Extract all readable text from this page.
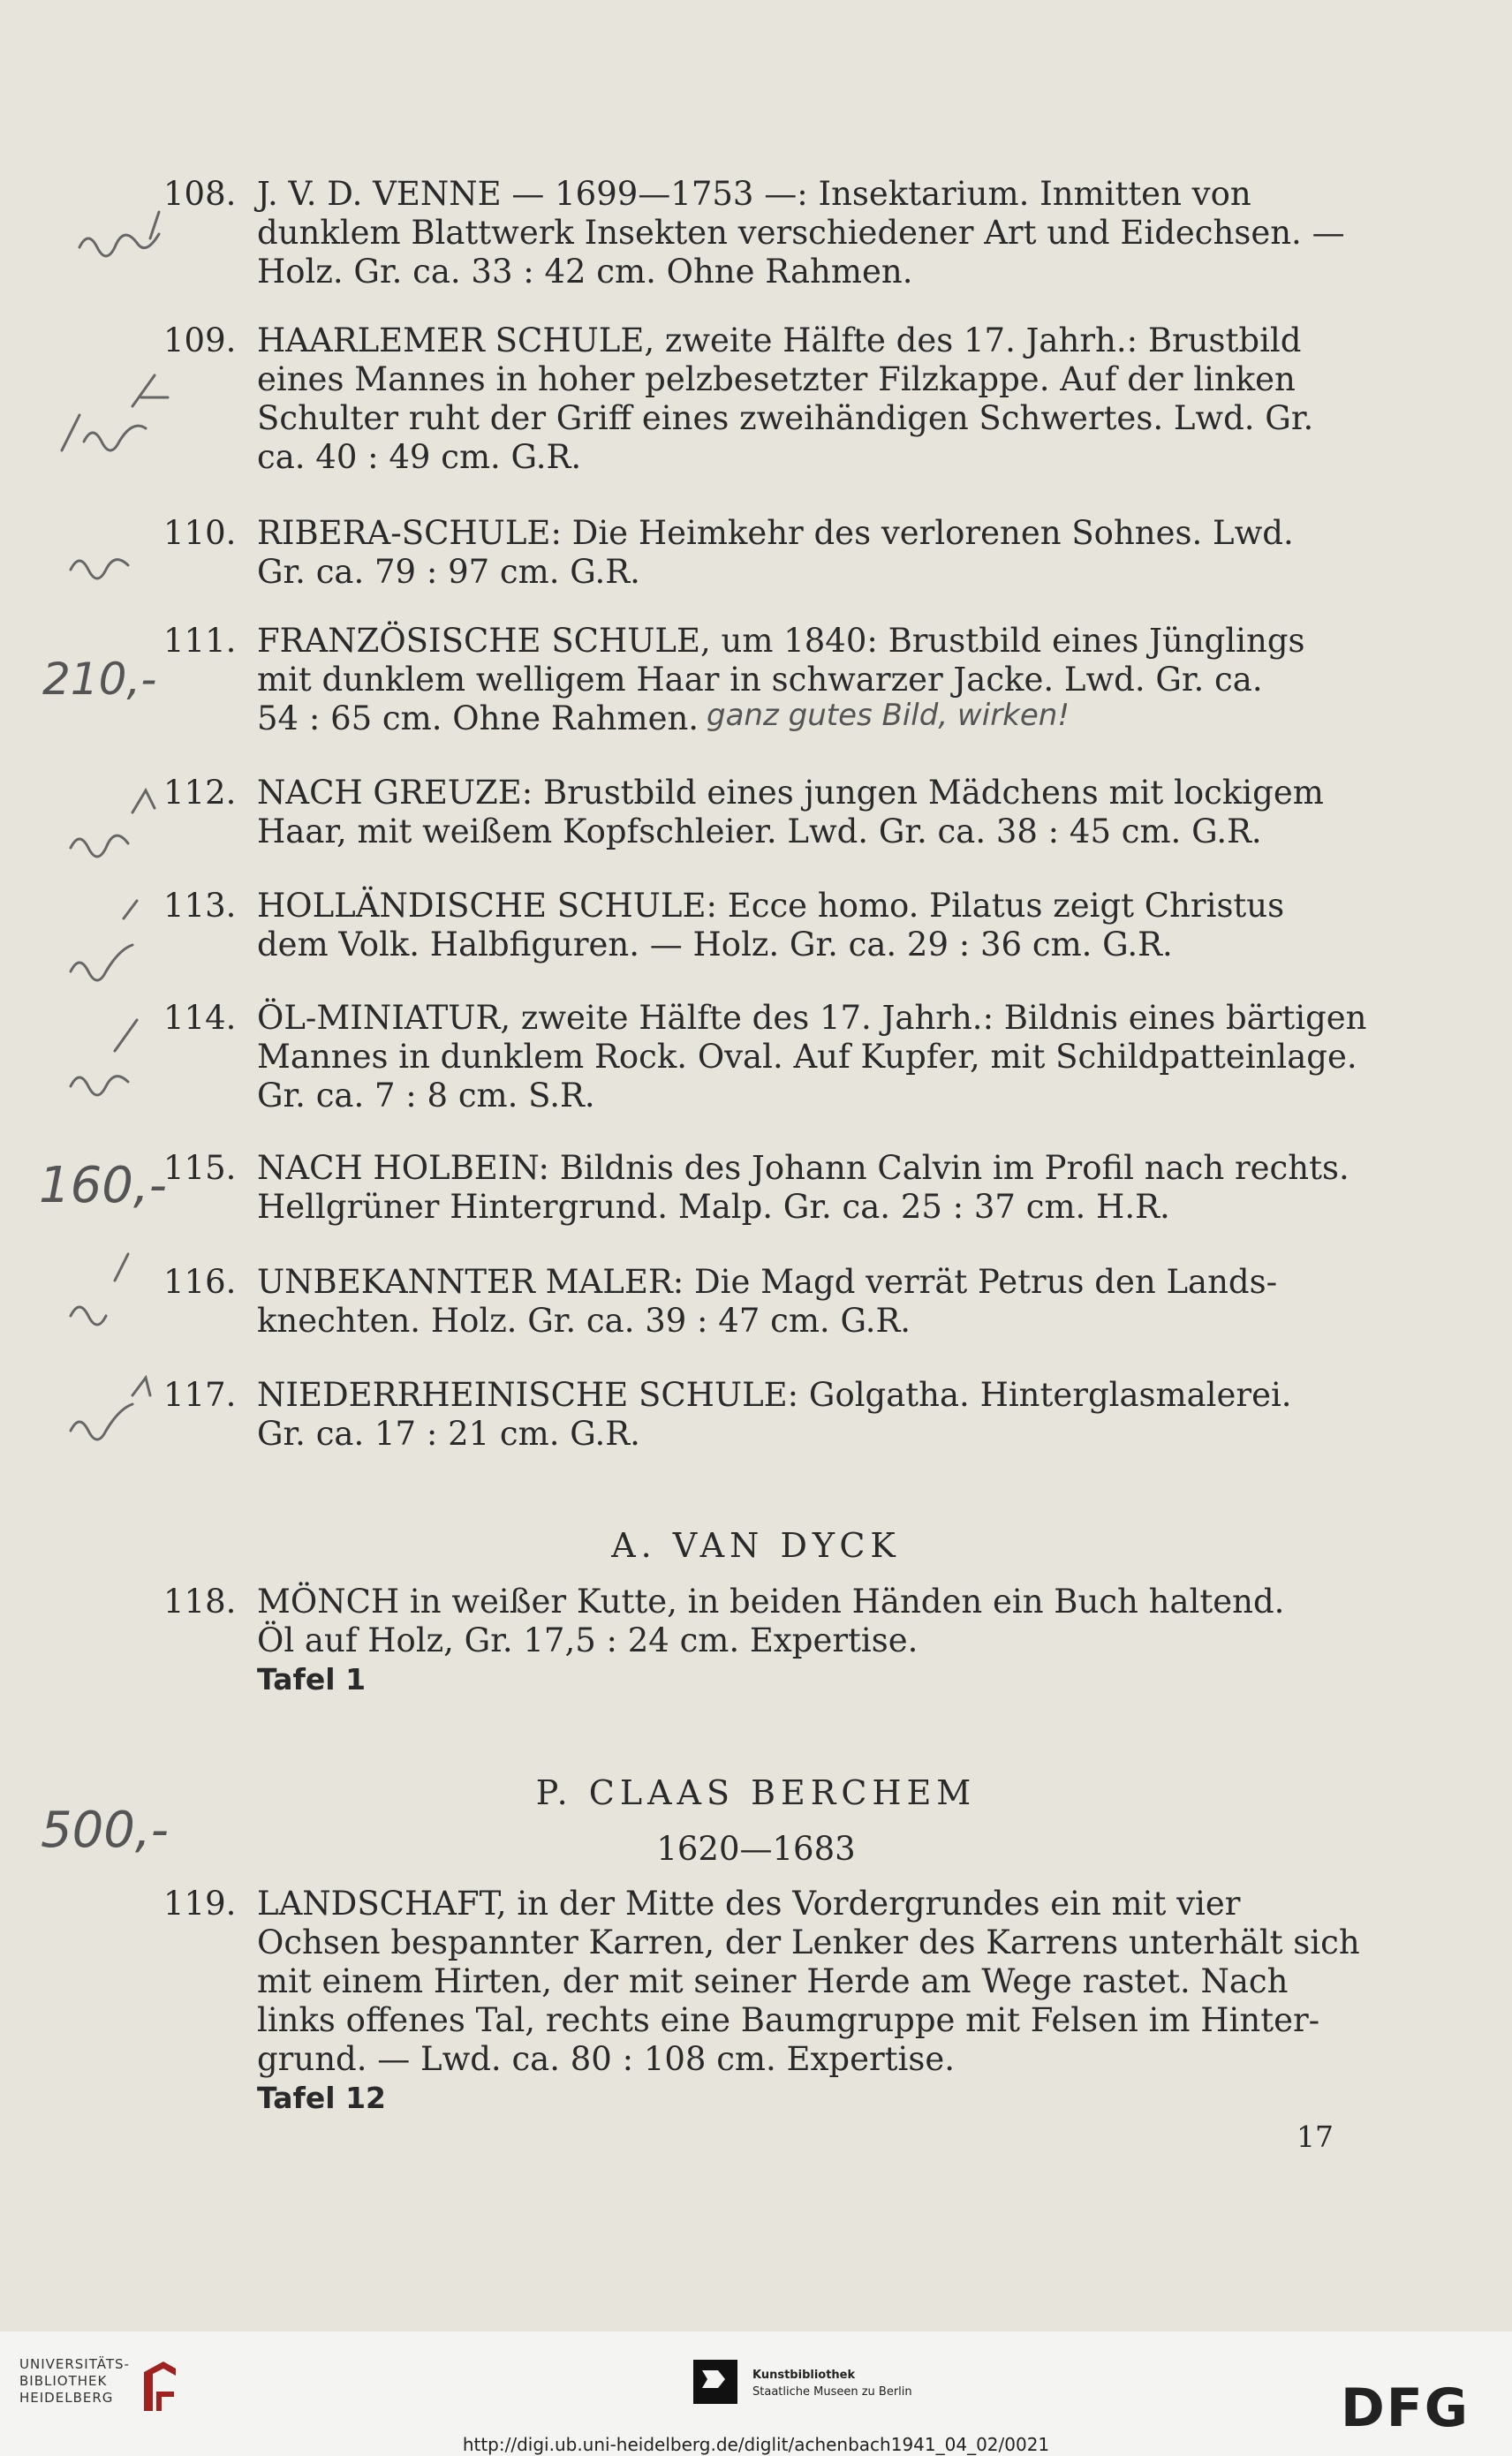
108. J. V. D. VENNE — 1699—1753 —: Insektarium. Inmitten von
dunklem Blattwerk Insekten verschiedener Art und Eidechsen. —
Holz. Gr. ca. 33 : 42 cm. Ohne Rahmen.
109. HAARLEMER SCHULE, zweite Hälfte des 17. Jahrh.: Brustbild
eines Mannes in hoher pelzbesetzter Filzkappe. Auf der linken
Schulter ruht der Griff eines zweihändigen Schwertes. Lwd. Gr.
ca. 40 : 49 cm. G.R.
110. RIBERA-SCHULE: Die Heimkehr des verlorenen Sohnes. Lwd.
Gr. ca. 79 : 97 cm. G.R.
111. FRANZÖSISCHE SCHULE, um 1840: Brustbild eines Jünglings
mit dunklem welligem Haar in schwarzer Jacke. Lwd. Gr. ca.
54 : 65 cm. Ohne Rahmen.
112. NACH GREUZE: Brustbild eines jungen Mädchens mit lockigem
Haar, mit weißem Kopfschleier. Lwd. Gr. ca. 38 : 45 cm. G.R.
113. HOLLÄNDISCHE SCHULE: Ecce homo. Pilatus zeigt Christus
dem Volk. Halbfiguren. — Holz. Gr. ca. 29 : 36 cm. G.R.
114. ÖL-MINIATUR, zweite Hälfte des 17. Jahrh.: Bildnis eines bärtigen
Mannes in dunklem Rock. Oval. Auf Kupfer, mit Schildpatteinlage.
Gr. ca. 7 : 8 cm. S.R.
115. NACH HOLBEIN: Bildnis des Johann Calvin im Profil nach rechts.
Hellgrüner Hintergrund. Malp. Gr. ca. 25 : 37 cm. H.R.
116. UNBEKANNTER MALER: Die Magd verrät Petrus den Lands-
knechten. Holz. Gr. ca. 39 : 47 cm. G.R.
117. NIEDERRHEINISCHE SCHULE: Golgatha. Hinterglasmalerei.
Gr. ca. 17 : 21 cm. G.R.
A. VAN DYCK
118. MÖNCH in weißer Kutte, in beiden Händen ein Buch haltend.
Öl auf Holz, Gr. 17,5 : 24 cm. Expertise.
Tafel 1
P. CLAAS BERCHEM
1620—1683
119. LANDSCHAFT, in der Mitte des Vordergrundes ein mit vier
Ochsen bespannter Karren, der Lenker des Karrens unterhält sich
mit einem Hirten, der mit seiner Herde am Wege rastet. Nach
links offenes Tal, rechts eine Baumgruppe mit Felsen im Hinter-
grund. — Lwd. ca. 80 : 108 cm. Expertise.
Tafel 12
17
210,-
ganz gutes Bild, wirken!
160,-
500,-
UNIVERSITÄTS-
BIBLIOTHEK
HEIDELBERG
Kunstbibliothek
Staatliche Museen zu Berlin	DFG
http://digi.ub.uni-heidelberg.de/diglit/achenbach1941_04_02/0021
